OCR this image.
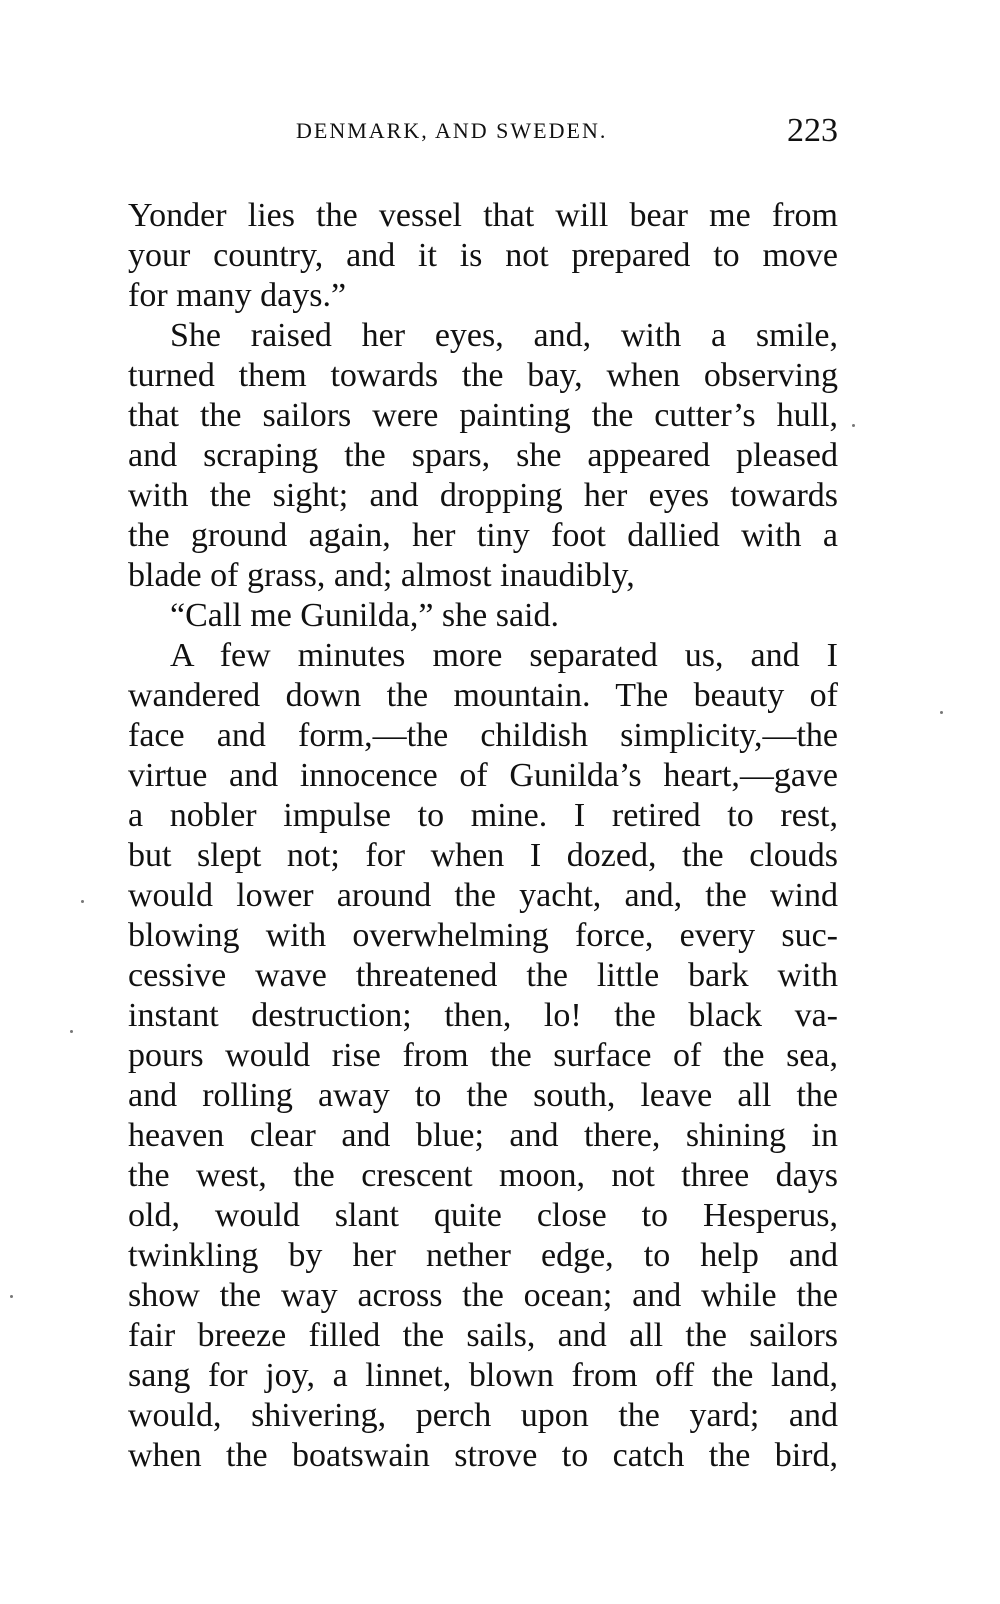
DENMARK, AND SWEDEN.	223
Yonder lies the vessel that will bear me from
your country, and it is not prepared to move
for many days.”
She raised her eyes, and, with a smile,
turned them towards the bay, when observing
that the sailors were painting the cutter’s hull,
and scraping the spars, she appeared pleased
with the sight; and dropping her eyes towards
the ground again, her tiny foot dallied with a
blade of grass, and; almost inaudibly,
“Call me Gunilda,” she said.
A few minutes more separated us, and I
wandered down the mountain. The beauty of
face and form,—the childish simplicity,—the
virtue and innocence of Gunilda’s heart,—gave
a nobler impulse to mine. I retired to rest,
but slept not; for when I dozed, the clouds
would lower around the yacht, and, the wind
blowing with overwhelming force, every suc-
cessive wave threatened the little bark with
instant destruction; then, lo! the black va-
pours would rise from the surface of the sea,
and rolling away to the south, leave all the
heaven clear and blue; and there, shining in
the west, the crescent moon, not three days
old, would slant quite close to Hesperus,
twinkling by her nether edge, to help and
show the way across the ocean; and while the
fair breeze filled the sails, and all the sailors
sang for joy, a linnet, blown from off the land,
would, shivering, perch upon the yard; and
when the boatswain strove to catch the bird,
